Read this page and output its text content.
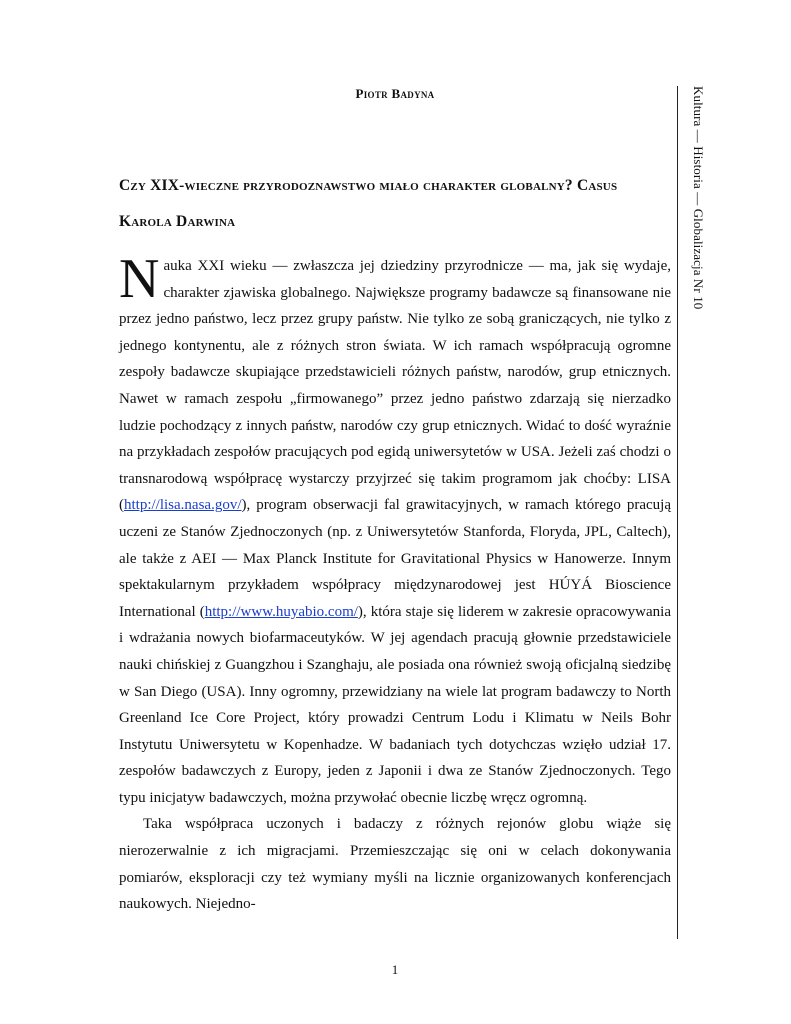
Piotr Badyna
Czy XIX-wieczne przyrodoznawstwo miało charakter globalny? Casus Karola Darwina	Kultura — Historia — Globalizacja Nr 10

Nauka XXI wieku — zwłaszcza jej dziedziny przyrodnicze — ma, jak się wydaje, charakter zjawiska globalnego. Największe programy badawcze są finansowane nie przez jedno państwo, lecz przez grupy państw. Nie tylko ze sobą graniczących, nie tylko z jednego kontynentu, ale z różnych stron świata. W ich ramach współpracują ogromne zespoły badawcze skupiające przedstawicieli różnych państw, narodów, grup etnicznych. Nawet w ramach zespołu „firmowanego” przez jedno państwo zdarzają się nierzadko ludzie pochodzący z innych państw, narodów czy grup etnicznych. Widać to dość wyraźnie na przykładach zespołów pracujących pod egidą uniwersytetów w USA. Jeżeli zaś chodzi o transnarodową współpracę wystarczy przyjrzeć się takim programom jak choćby: LISA (http://lisa.nasa.gov/), program obserwacji fal grawitacyjnych, w ramach którego pracują uczeni ze Stanów Zjednoczonych (np. z Uniwersytetów Stanforda, Floryda, JPL, Caltech), ale także z AEI — Max Planck Institute for Gravitational Physics w Hanowerze. Innym spektakularnym przykładem współpracy międzynarodowej jest HÚYÁ Bioscience International (http://www.huyabio.com/), która staje się liderem w zakresie opracowywania i wdrażania nowych biofarmaceutyków. W jej agendach pracują głownie przedstawiciele nauki chińskiej z Guangzhou i Szanghaju, ale posiada ona również swoją oficjalną siedzibę w San Diego (USA). Inny ogromny, przewidziany na wiele lat program badawczy to North Greenland Ice Core Project, który prowadzi Centrum Lodu i Klimatu w Neils Bohr Instytutu Uniwersytetu w Kopenhadze. W badaniach tych dotychczas wzięło udział 17. zespołów badawczych z Europy, jeden z Japonii i dwa ze Stanów Zjednoczonych. Tego typu inicjatyw badawczych, można przywołać obecnie liczbę wręcz ogromną.

Taka współpraca uczonych i badaczy z różnych rejonów globu wiąże się nierozerwalnie z ich migracjami. Przemieszczając się oni w celach dokonywania pomiarów, eksploracji czy też wymiany myśli na licznie organizowanych konferencjach naukowych. Niejedno-

1
